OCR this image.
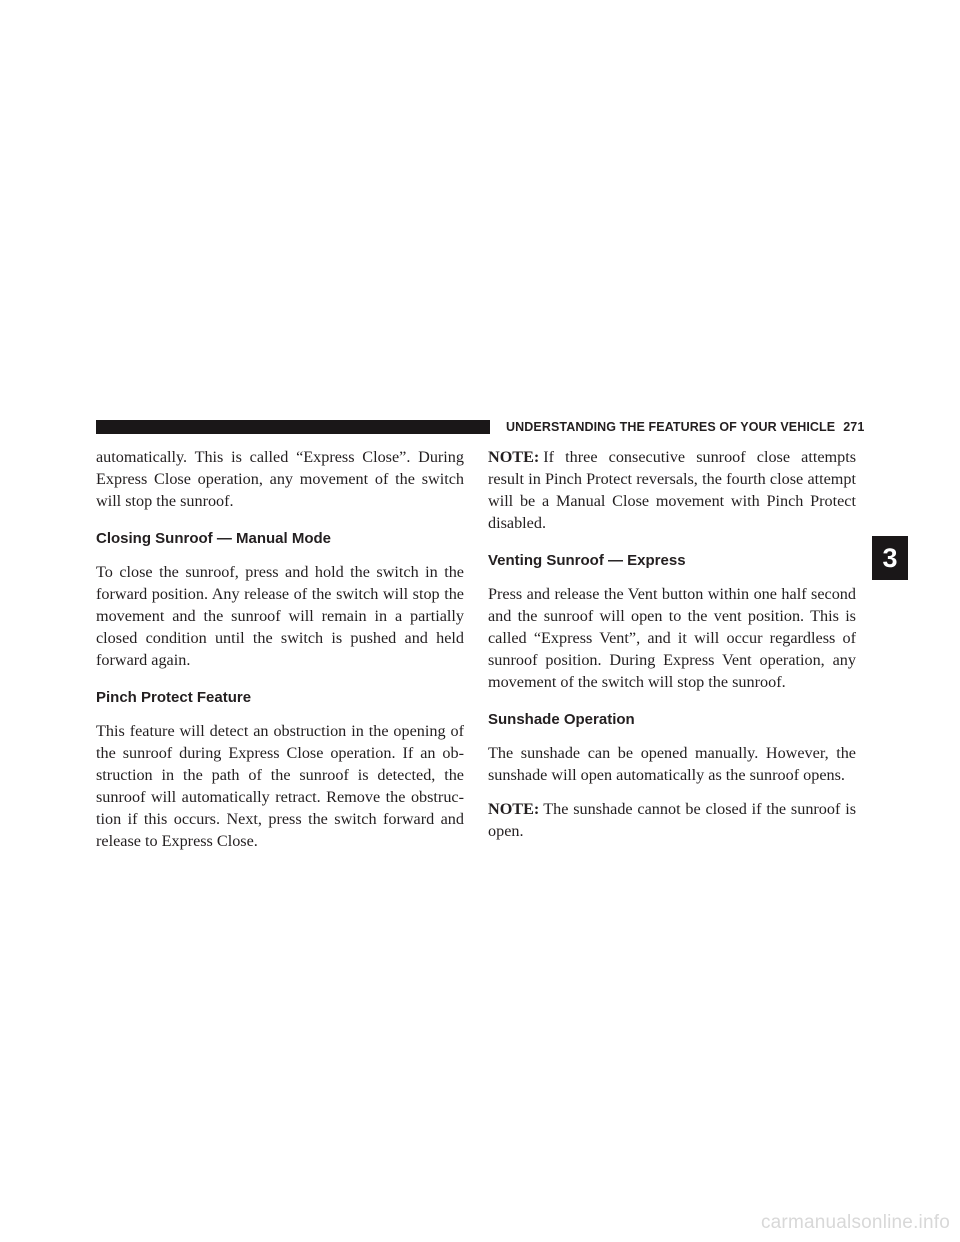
UNDERSTANDING THE FEATURES OF YOUR VEHICLE 271

automatically. This is called “Express Close”. During Express Close operation, any movement of the switch will stop the sunroof.

Closing Sunroof — Manual Mode

To close the sunroof, press and hold the switch in the forward position. Any release of the switch will stop the movement and the sunroof will remain in a partially closed condition until the switch is pushed and held forward again.

Pinch Protect Feature

This feature will detect an obstruction in the opening of the sunroof during Express Close operation. If an ob- struction in the path of the sunroof is detected, the sunroof will automatically retract. Remove the obstruc- tion if this occurs. Next, press the switch forward and release to Express Close.

NOTE: If three consecutive sunroof close attempts result in Pinch Protect reversals, the fourth close attempt will be a Manual Close movement with Pinch Protect disabled.

Venting Sunroof — Express

Press and release the Vent button within one half second and the sunroof will open to the vent position. This is called “Express Vent”, and it will occur regardless of sunroof position. During Express Vent operation, any movement of the switch will stop the sunroof.

Sunshade Operation

The sunshade can be opened manually. However, the sunshade will open automatically as the sunroof opens.

NOTE: The sunshade cannot be closed if the sunroof is open.

3
carmanualsonline.info
